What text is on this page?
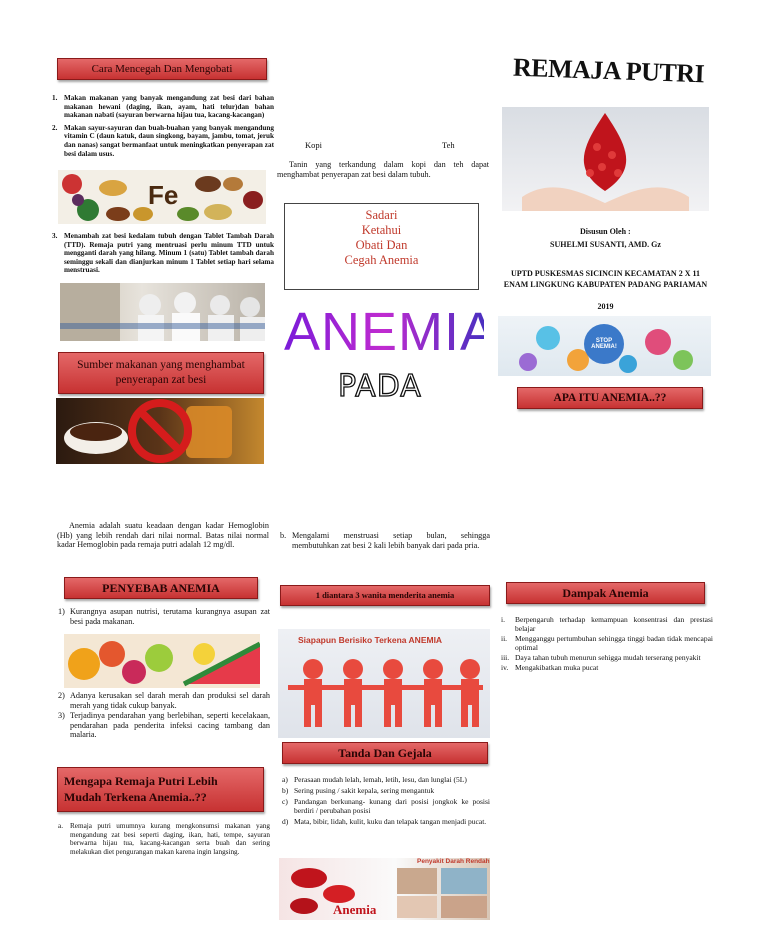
Cara Mencegah Dan Mengobati
1. Makan makanan yang banyak mengandung zat besi dari bahan makanan hewani (daging, ikan, ayam, hati telur)dan bahan makanan nabati (sayuran berwarna hijau tua, kacang-kacangan)
2. Makan sayur-sayuran dan buah-buahan yang banyak mengandung vitamin C (daun katuk, daun singkong, bayam, jambu, tomat, jeruk dan nanas) sangat bermanfaat untuk meningkatkan penyerapan zat besi dalam usus.
Fe
3. Menambah zat besi kedalam tubuh dengan Tablet Tambah Darah (TTD). Remaja putri yang mentruasi perlu minum TTD untuk mengganti darah yang hilang. Minum 1 (satu) Tablet tambah darah seminggu sekali dan dianjurkan minum 1 Tablet setiap hari selama menstruasi.
Sumber makanan yang menghambat penyerapan zat besi
Kopi	Teh
Tanin yang terkandung dalam kopi dan teh dapat menghambat penyerapan zat besi dalam tubuh.
Sadari
Ketahui
Obati Dan
Cegah Anemia
ANEMIA
PADA
REMAJA PUTRI
Disusun Oleh :
SUHELMI SUSANTI, AMD. Gz
UPTD PUSKESMAS SICINCIN KECAMATAN 2 X 11 ENAM LINGKUNG KABUPATEN PADANG PARIAMAN
2019
STOP ANEMIA!
APA ITU ANEMIA..??
Anemia adalah suatu keadaan dengan kadar Hemoglobin (Hb) yang lebih rendah dari nilai normal. Batas nilai normal kadar Hemoglobin pada remaja putri adalah 12 mg/dl.
PENYEBAB ANEMIA
1) Kurangnya asupan nutrisi, terutama kurangnya asupan zat besi pada makanan.
2) Adanya kerusakan sel darah merah dan produksi sel darah merah yang tidak cukup banyak.
3) Terjadinya pendarahan yang berlebihan, seperti kecelakaan, pendarahan pada penderita infeksi cacing tambang dan malaria.
Mengapa Remaja Putri Lebih Mudah Terkena Anemia..??
a. Remaja putri umumnya kurang mengkonsumsi makanan yang mengandung zat besi seperti daging, ikan, hati, tempe, sayuran berwarna hijau tua, kacang-kacangan serta buah dan sering melakukan diet pengurangan makan karena ingin langsing.
b. Mengalami menstruasi setiap bulan, sehingga membutuhkan zat besi 2 kali lebih banyak dari pada pria.
1 diantara 3 wanita menderita anemia
Siapapun Berisiko Terkena ANEMIA
Tanda Dan Gejala
a) Perasaan mudah lelah, lemah, letih, lesu, dan lunglai (5L)
b) Sering pusing / sakit kepala, sering mengantuk
c) Pandangan berkunang- kunang dari posisi jongkok ke posisi berdiri / perubahan posisi
d) Mata, bibir, lidah, kulit, kuku dan telapak tangan menjadi pucat.
Anemia
Penyakit Darah Rendah
Dampak Anemia
i. Berpengaruh terhadap kemampuan konsentrasi dan prestasi belajar
ii. Mengganggu pertumbuhan sehingga tinggi badan tidak mencapai optimal
iii. Daya tahan tubuh menurun sehigga mudah terserang penyakit
iv. Mengakibatkan muka pucat
